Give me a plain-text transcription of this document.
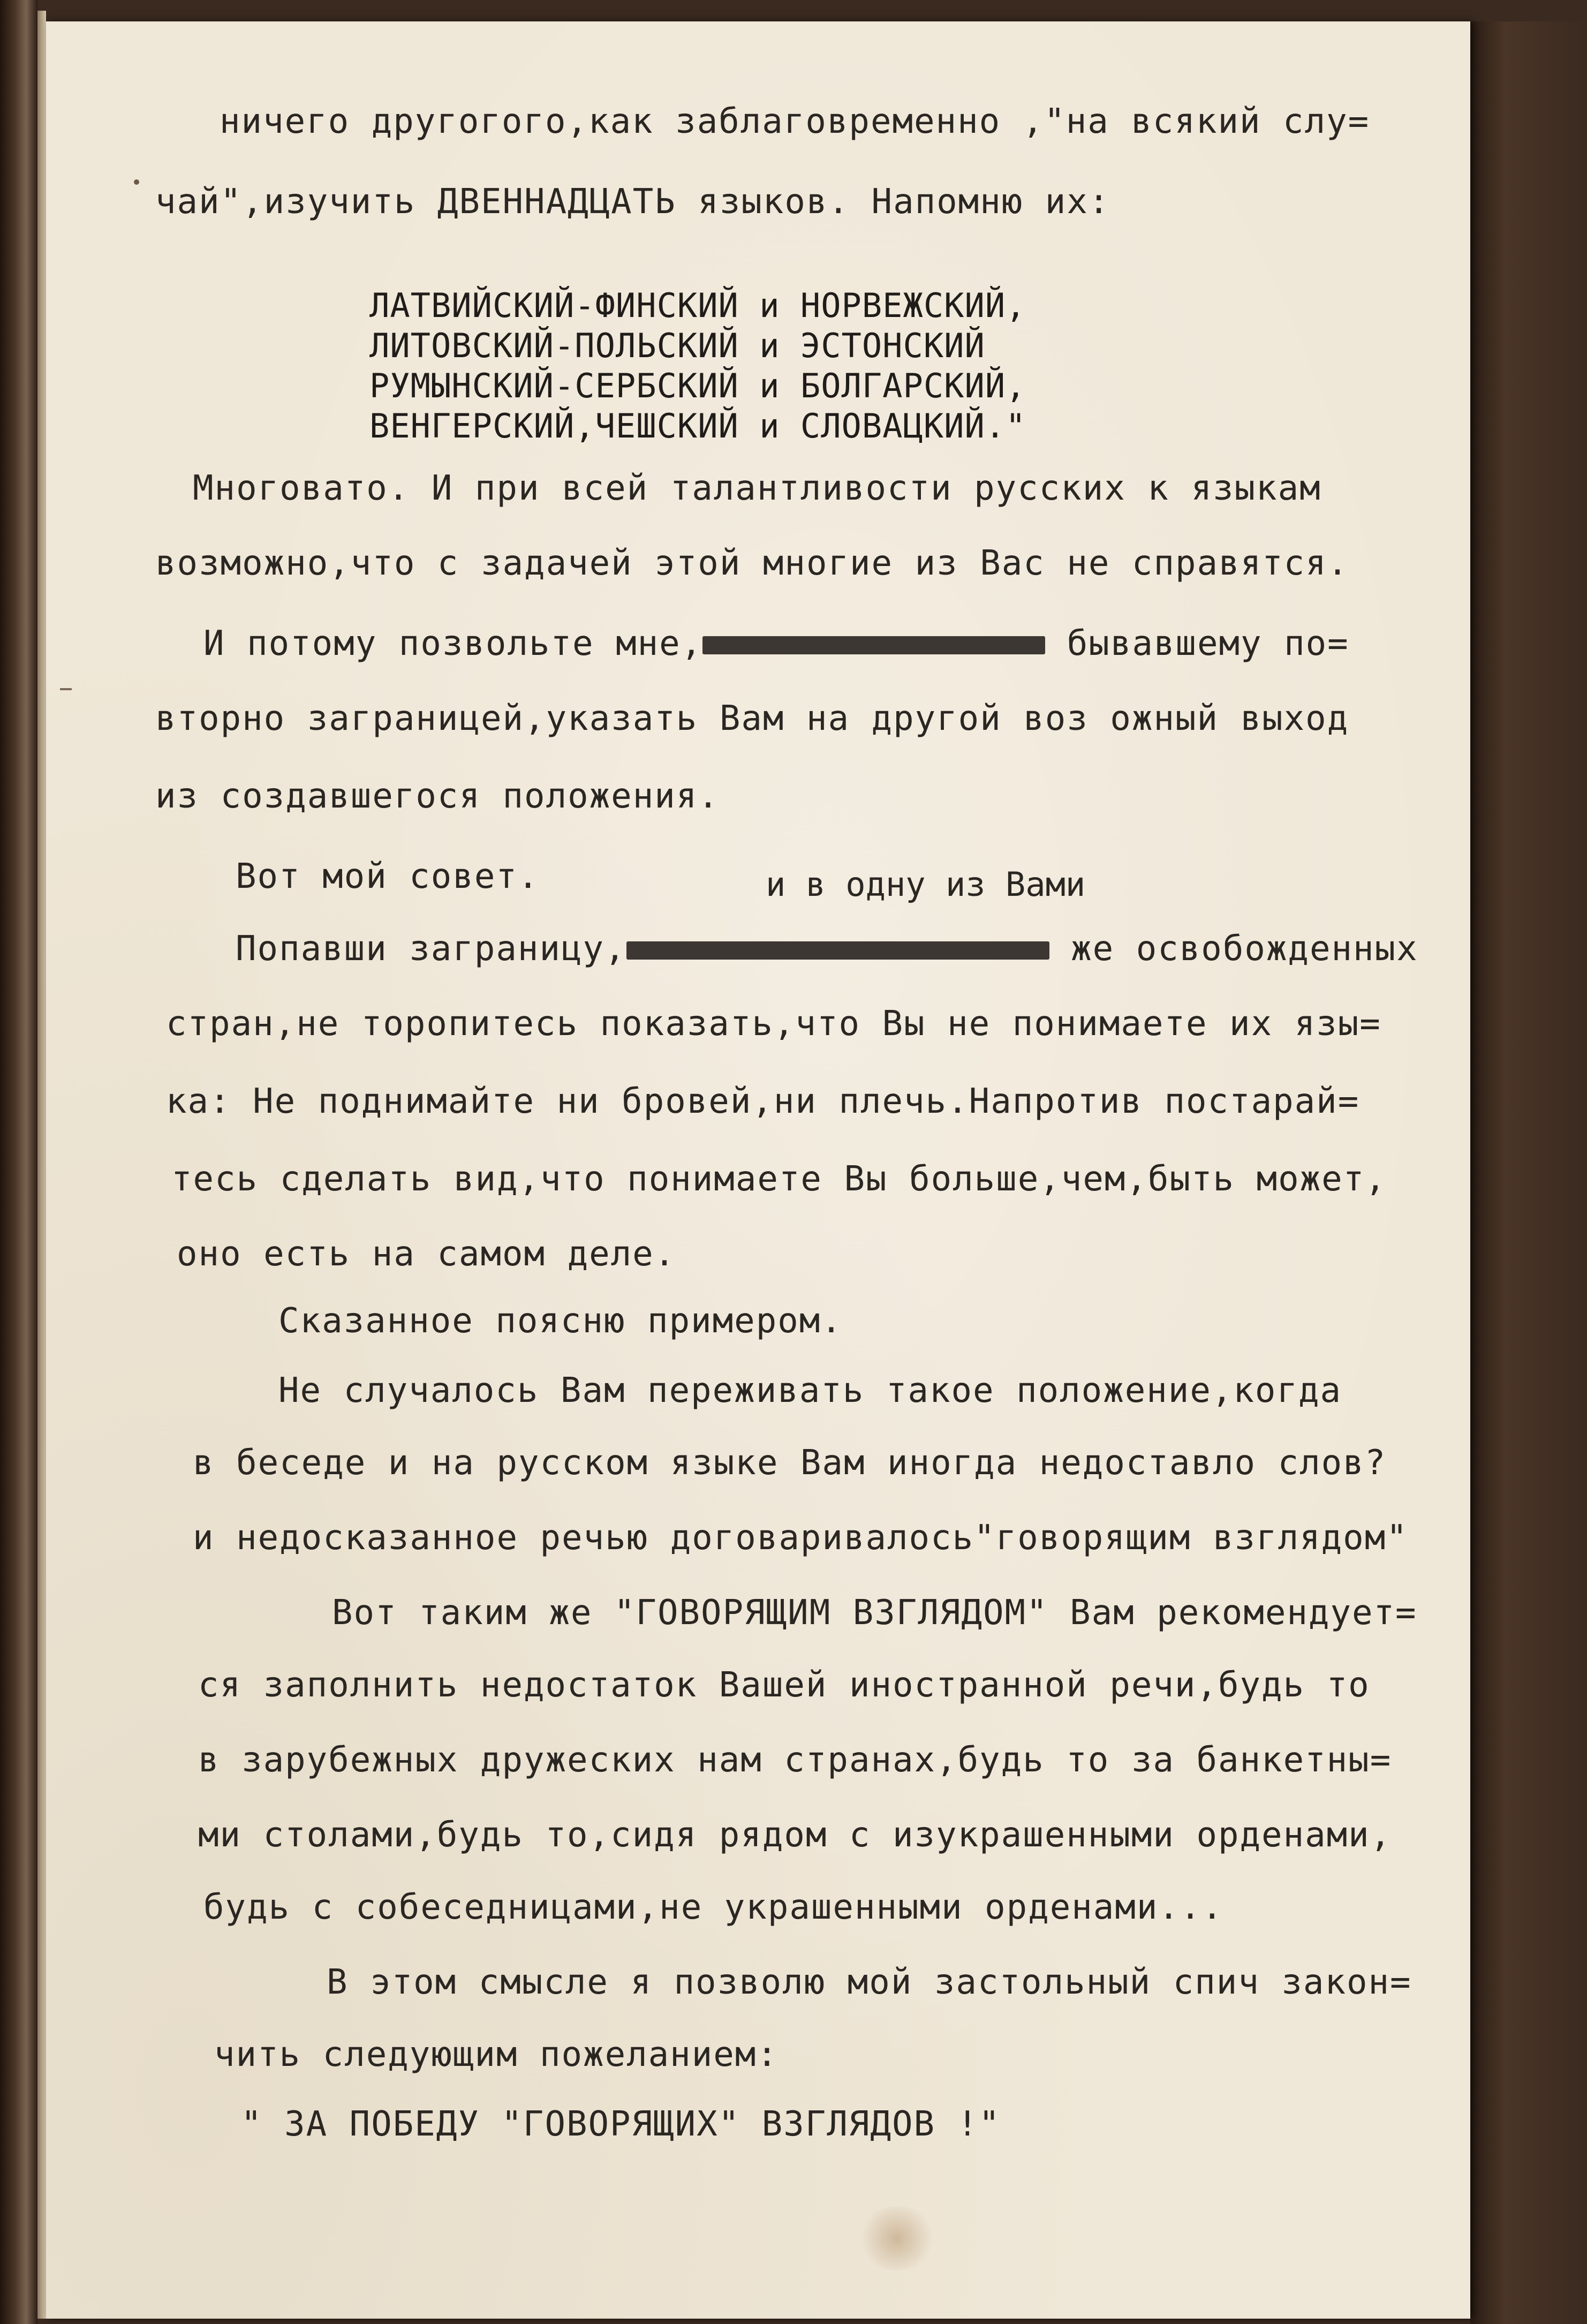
ничего другогого,как заблаговременно ,"на всякий слу=
чай",изучить ДВЕННАДЦАТЬ языков. Напомню их:
ЛАТВИЙСКИЙ-ФИНСКИЙ и НОРВЕЖСКИЙ,
ЛИТОВСКИЙ-ПОЛЬСКИЙ и ЭСТОНСКИЙ
РУМЫНСКИЙ-СЕРБСКИЙ и БОЛГАРСКИЙ,
ВЕНГЕРСКИЙ,ЧЕШСКИЙ и СЛОВАЦКИЙ."
Многовато. И при всей талантливости русских к языкам
возможно,что с задачей этой многие из Вас не справятся.
И потому позвольте мне,	бывавшему по=
вторно заграницей,указать Вам на другой воз ожный выход
из создавшегося положения.
Вот мой совет.	и в одну из Вами
Попавши заграницу,	же освобожденных
стран,не торопитесь показать,что Вы не понимаете их язы=
ка: Не поднимайте ни бровей,ни плечь.Напротив постарай=
тесь сделать вид,что понимаете Вы больше,чем,быть может,
оно есть на самом деле.
Сказанное поясню примером.
Не случалось Вам переживать такое положение,когда
в беседе и на русском языке Вам иногда недоставло слов?
и недосказанное речью договаривалось"говорящим взглядом"
Вот таким же "ГОВОРЯЩИМ ВЗГЛЯДОМ" Вам рекомендует=
ся заполнить недостаток Вашей иностранной речи,будь то
в зарубежных дружеских нам странах,будь то за банкетны=
ми столами,будь то,сидя рядом с изукрашенными орденами,
будь с собеседницами,не украшенными орденами...
В этом смысле я позволю мой застольный спич закон=
чить следующим пожеланием:
" ЗА ПОБЕДУ "ГОВОРЯЩИХ" ВЗГЛЯДОВ !"
